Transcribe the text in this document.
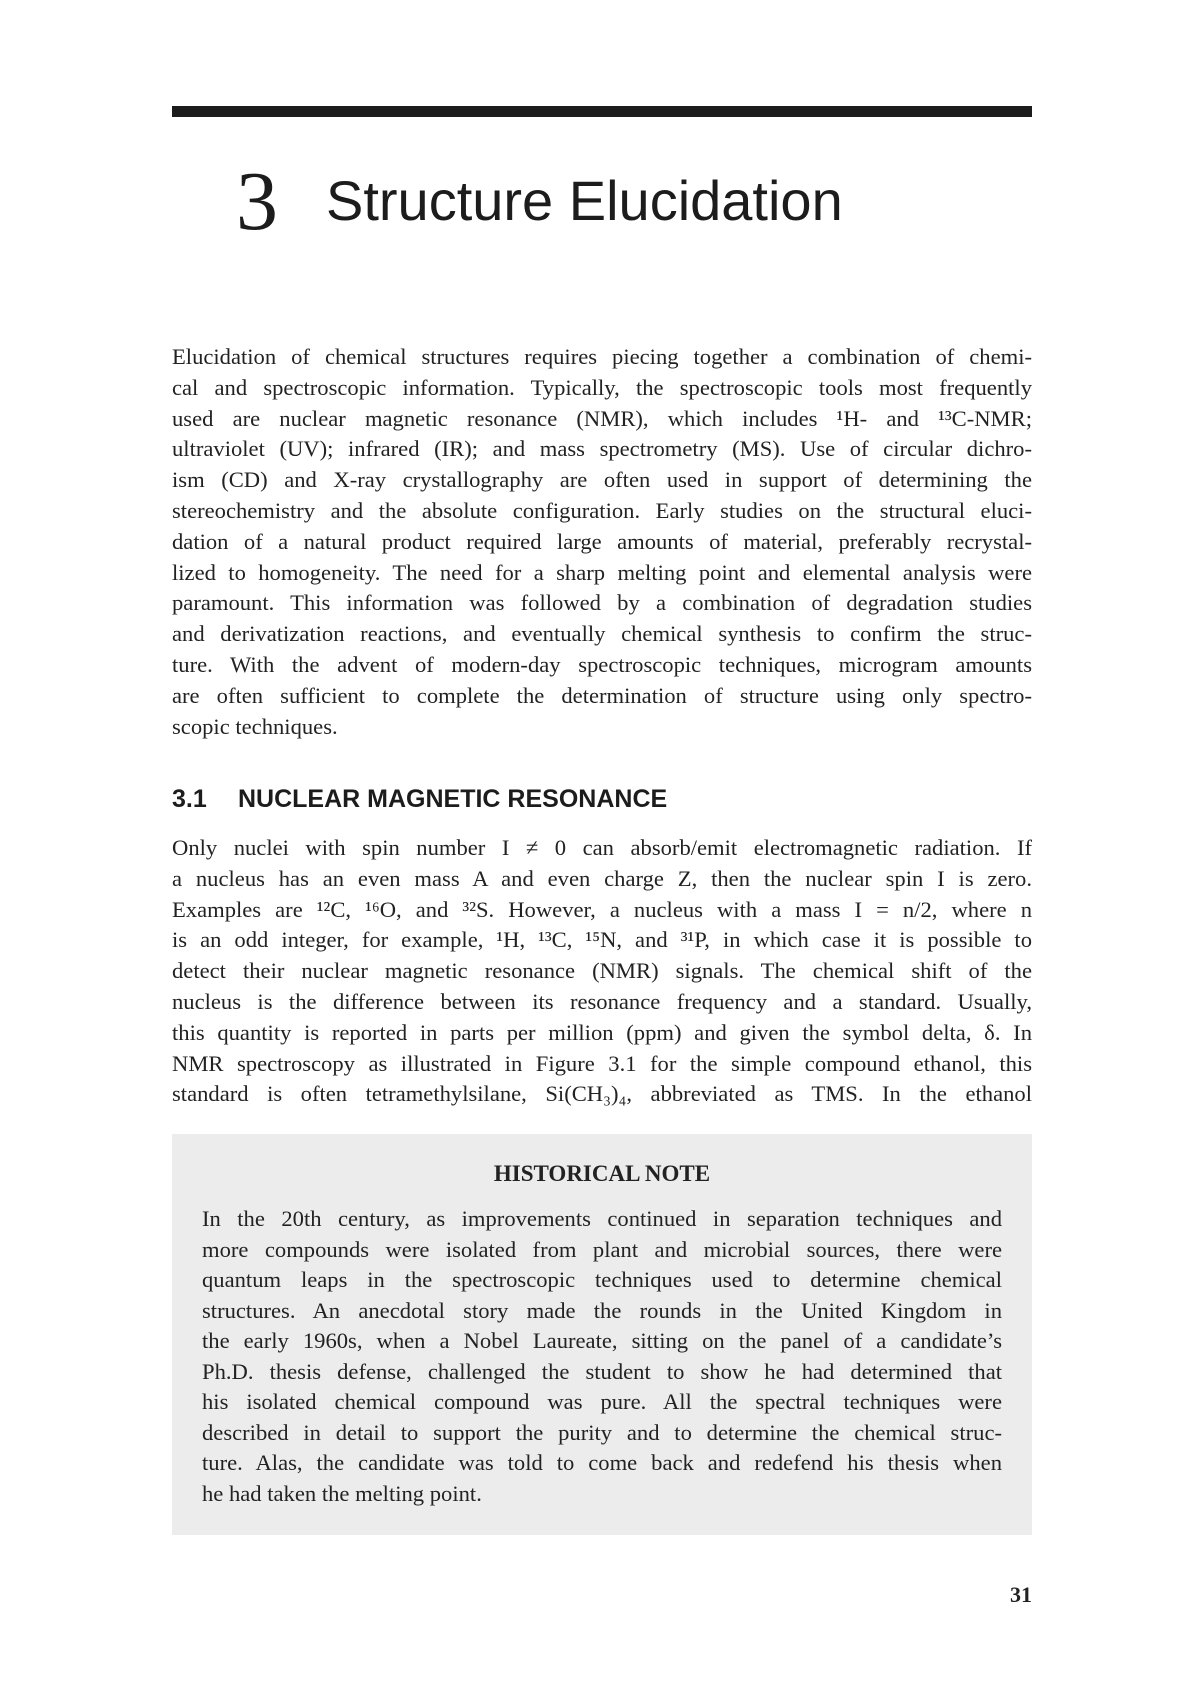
3 Structure Elucidation
Elucidation of chemical structures requires piecing together a combination of chemi-
cal and spectroscopic information. Typically, the spectroscopic tools most frequently
used are nuclear magnetic resonance (NMR), which includes ¹H- and ¹³C-NMR;
ultraviolet (UV); infrared (IR); and mass spectrometry (MS). Use of circular dichro-
ism (CD) and X-ray crystallography are often used in support of determining the
stereochemistry and the absolute configuration. Early studies on the structural eluci-
dation of a natural product required large amounts of material, preferably recrystal-
lized to homogeneity. The need for a sharp melting point and elemental analysis were
paramount. This information was followed by a combination of degradation studies
and derivatization reactions, and eventually chemical synthesis to confirm the struc-
ture. With the advent of modern-day spectroscopic techniques, microgram amounts
are often sufficient to complete the determination of structure using only spectro-
scopic techniques.
3.1 NUCLEAR MAGNETIC RESONANCE
Only nuclei with spin number I ≠ 0 can absorb/emit electromagnetic radiation. If
a nucleus has an even mass A and even charge Z, then the nuclear spin I is zero.
Examples are ¹²C, ¹⁶O, and ³²S. However, a nucleus with a mass I = n/2, where n
is an odd integer, for example, ¹H, ¹³C, ¹⁵N, and ³¹P, in which case it is possible to
detect their nuclear magnetic resonance (NMR) signals. The chemical shift of the
nucleus is the difference between its resonance frequency and a standard. Usually,
this quantity is reported in parts per million (ppm) and given the symbol delta, δ. In
NMR spectroscopy as illustrated in Figure 3.1 for the simple compound ethanol, this
standard is often tetramethylsilane, Si(CH₃)₄, abbreviated as TMS. In the ethanol
HISTORICAL NOTE
In the 20th century, as improvements continued in separation techniques and
more compounds were isolated from plant and microbial sources, there were
quantum leaps in the spectroscopic techniques used to determine chemical
structures. An anecdotal story made the rounds in the United Kingdom in
the early 1960s, when a Nobel Laureate, sitting on the panel of a candidate’s
Ph.D. thesis defense, challenged the student to show he had determined that
his isolated chemical compound was pure. All the spectral techniques were
described in detail to support the purity and to determine the chemical struc-
ture. Alas, the candidate was told to come back and redefend his thesis when
he had taken the melting point.
31
